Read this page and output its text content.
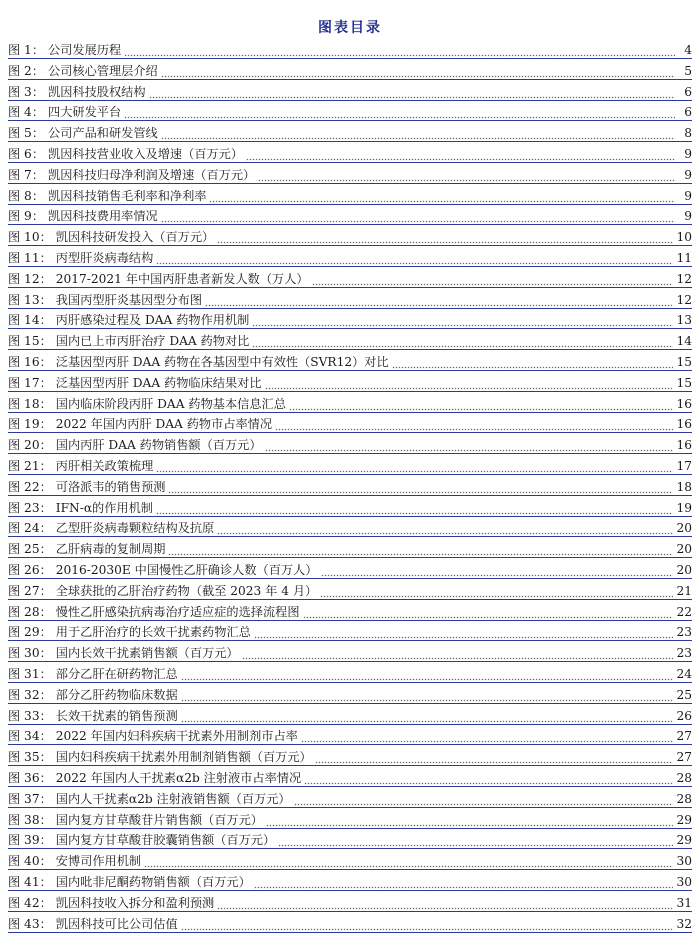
图表目录
图 1： 公司发展历程	4
图 2： 公司核心管理层介绍	5
图 3： 凯因科技股权结构	6
图 4： 四大研发平台	6
图 5： 公司产品和研发管线	8
图 6： 凯因科技营业收入及增速（百万元）	9
图 7： 凯因科技归母净利润及增速（百万元）	9
图 8： 凯因科技销售毛利率和净利率	9
图 9： 凯因科技费用率情况	9
图 10： 凯因科技研发投入（百万元）	10
图 11： 丙型肝炎病毒结构	11
图 12： 2017-2021 年中国丙肝患者新发人数（万人）	12
图 13： 我国丙型肝炎基因型分布图	12
图 14： 丙肝感染过程及 DAA 药物作用机制	13
图 15： 国内已上市丙肝治疗 DAA 药物对比	14
图 16： 泛基因型丙肝 DAA 药物在各基因型中有效性（SVR12）对比	15
图 17： 泛基因型丙肝 DAA 药物临床结果对比	15
图 18： 国内临床阶段丙肝 DAA 药物基本信息汇总	16
图 19： 2022 年国内丙肝 DAA 药物市占率情况	16
图 20： 国内丙肝 DAA 药物销售额（百万元）	16
图 21： 丙肝相关政策梳理	17
图 22： 可洛派韦的销售预测	18
图 23： IFN-α的作用机制	19
图 24： 乙型肝炎病毒颗粒结构及抗原	20
图 25： 乙肝病毒的复制周期	20
图 26： 2016-2030E 中国慢性乙肝确诊人数（百万人）	20
图 27： 全球获批的乙肝治疗药物（截至 2023 年 4 月）	21
图 28： 慢性乙肝感染抗病毒治疗适应症的选择流程图	22
图 29： 用于乙肝治疗的长效干扰素药物汇总	23
图 30： 国内长效干扰素销售额（百万元）	23
图 31： 部分乙肝在研药物汇总	24
图 32： 部分乙肝药物临床数据	25
图 33： 长效干扰素的销售预测	26
图 34： 2022 年国内妇科疾病干扰素外用制剂市占率	27
图 35： 国内妇科疾病干扰素外用制剂销售额（百万元）	27
图 36： 2022 年国内人干扰素α2b 注射液市占率情况	28
图 37： 国内人干扰素α2b 注射液销售额（百万元）	28
图 38： 国内复方甘草酸苷片销售额（百万元）	29
图 39： 国内复方甘草酸苷胶囊销售额（百万元）	29
图 40： 安博司作用机制	30
图 41： 国内吡非尼酮药物销售额（百万元）	30
图 42： 凯因科技收入拆分和盈利预测	31
图 43： 凯因科技可比公司估值	32
